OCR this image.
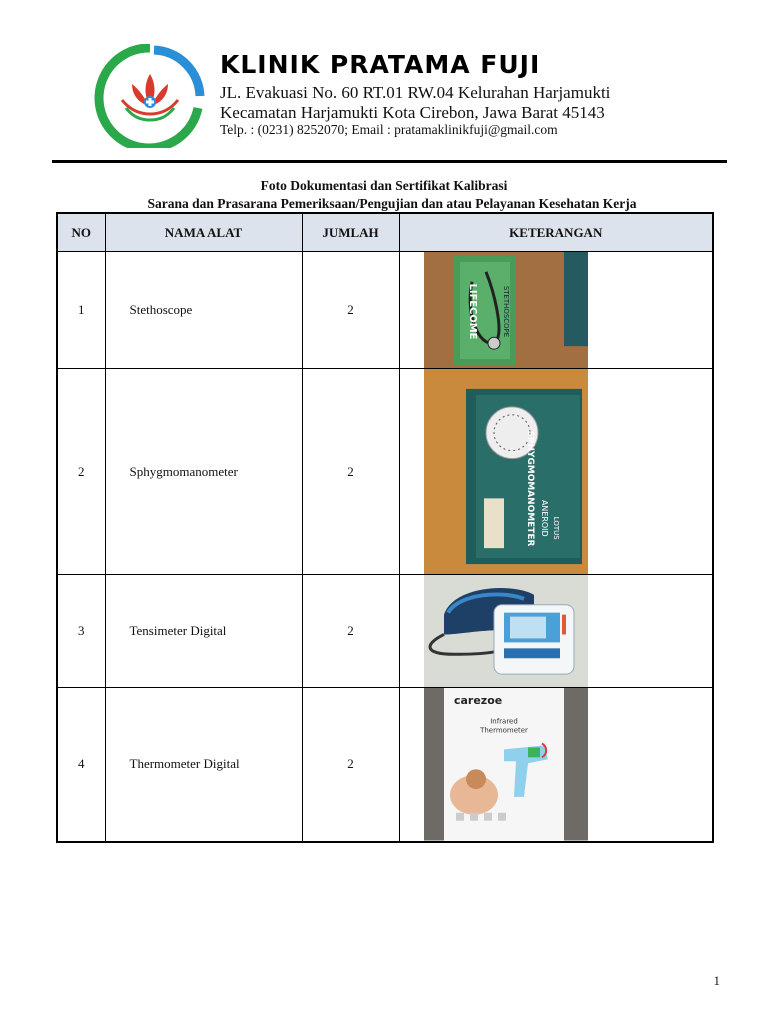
KLINIK PRATAMA FUJI
JL. Evakuasi No. 60 RT.01 RW.04 Kelurahan Harjamukti
Kecamatan Harjamukti Kota Cirebon, Jawa Barat 45143
Telp. : (0231) 8252070; Email : pratamaklinikfuji@gmail.com
Foto Dokumentasi dan Sertifikat Kalibrasi
Sarana dan Prasarana Pemeriksaan/Pengujian dan atau Pelayanan Kesehatan Kerja
NO	NAMA ALAT	JUMLAH	KETERANGAN
1	Stethoscope	2	LIFECOME STETHOSCOPE

2	Sphygmomanometer	2	SPHYGMOMANOMETER ANEROID LOTUS

3	Tensimeter Digital	2	

4	Thermometer Digital	2	carezoe
Infrared
Thermometer
1
